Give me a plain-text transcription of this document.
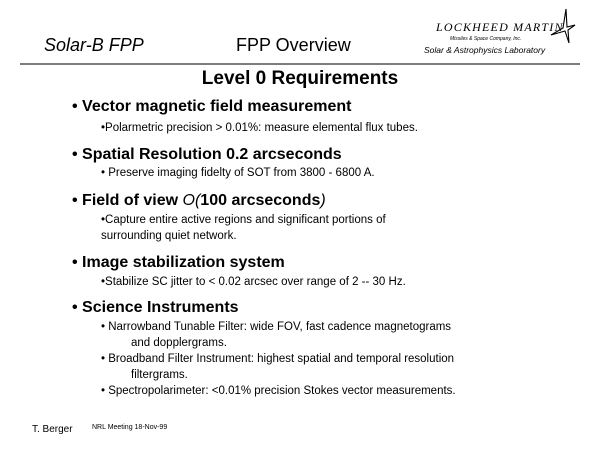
Solar-B FPP	FPP Overview
LOCKHEED MARTIN
Missiles & Space Company, Inc.
Solar & Astrophysics Laboratory
Level 0 Requirements
• Vector magnetic field measurement
•Polarmetric precision > 0.01%: measure elemental flux tubes.
• Spatial Resolution 0.2 arcseconds
• Preserve imaging fidelty of SOT from 3800 - 6800 A.
• Field of view O(100 arcseconds)
•Capture entire active regions and significant portions of
surrounding quiet network.
• Image stabilization system
•Stabilize SC jitter to < 0.02 arcsec over range of 2 -- 30 Hz.
• Science Instruments
• Narrowband Tunable Filter: wide FOV, fast cadence magnetograms
and dopplergrams.
• Broadband Filter Instrument: highest spatial and temporal resolution
filtergrams.
• Spectropolarimeter: <0.01% precision Stokes vector measurements.
T. Berger	NRL Meeting 18-Nov-99
